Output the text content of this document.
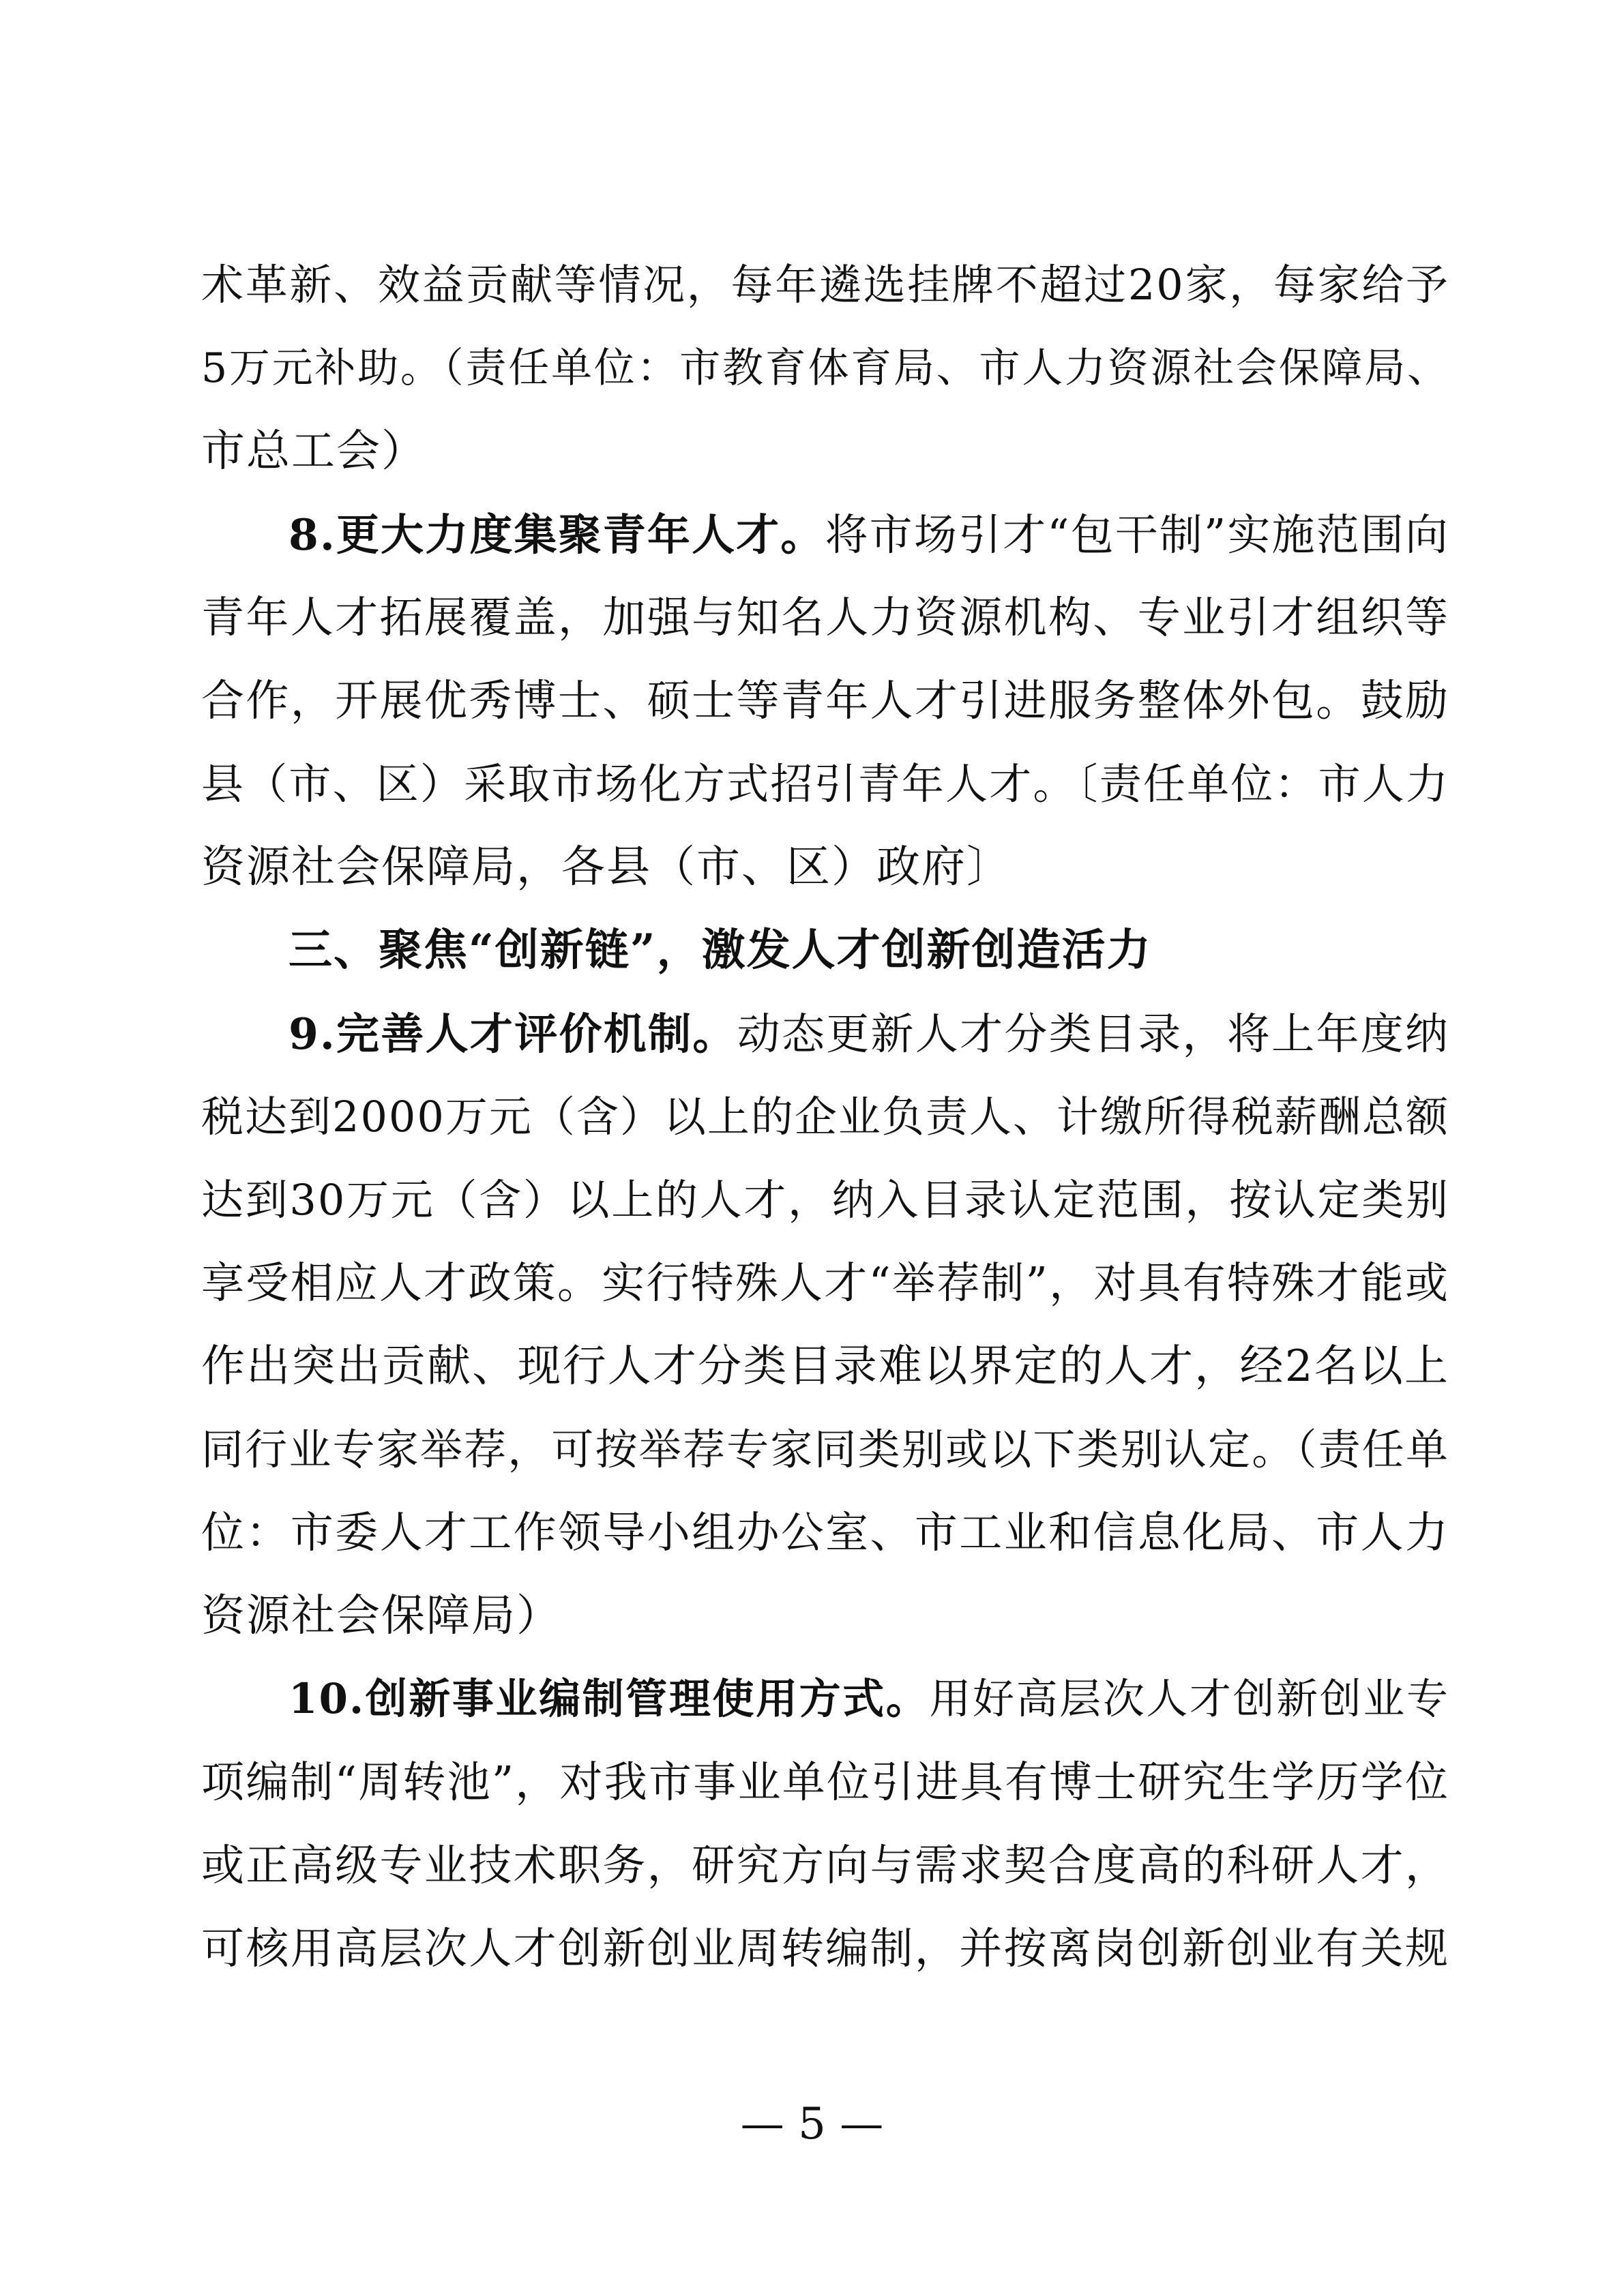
术革新、效益贡献等情况，每年遴选挂牌不超过20家，每家给予
5万元补助。（责任单位：市教育体育局、市人力资源社会保障局、
市总工会）
8.更大力度集聚青年人才。将市场引才“包干制”实施范围向
青年人才拓展覆盖，加强与知名人力资源机构、专业引才组织等
合作，开展优秀博士、硕士等青年人才引进服务整体外包。鼓励
县（市、区）采取市场化方式招引青年人才。〔责任单位：市人力
资源社会保障局，各县（市、区）政府〕
三、聚焦“创新链”，激发人才创新创造活力
9.完善人才评价机制。动态更新人才分类目录，将上年度纳
税达到2000万元（含）以上的企业负责人、计缴所得税薪酬总额
达到30万元（含）以上的人才，纳入目录认定范围，按认定类别
享受相应人才政策。实行特殊人才“举荐制”，对具有特殊才能或
作出突出贡献、现行人才分类目录难以界定的人才，经2名以上
同行业专家举荐，可按举荐专家同类别或以下类别认定。（责任单
位：市委人才工作领导小组办公室、市工业和信息化局、市人力
资源社会保障局）
10.创新事业编制管理使用方式。用好高层次人才创新创业专
项编制“周转池”，对我市事业单位引进具有博士研究生学历学位
或正高级专业技术职务，研究方向与需求契合度高的科研人才，
可核用高层次人才创新创业周转编制，并按离岗创新创业有关规
— 5 —
